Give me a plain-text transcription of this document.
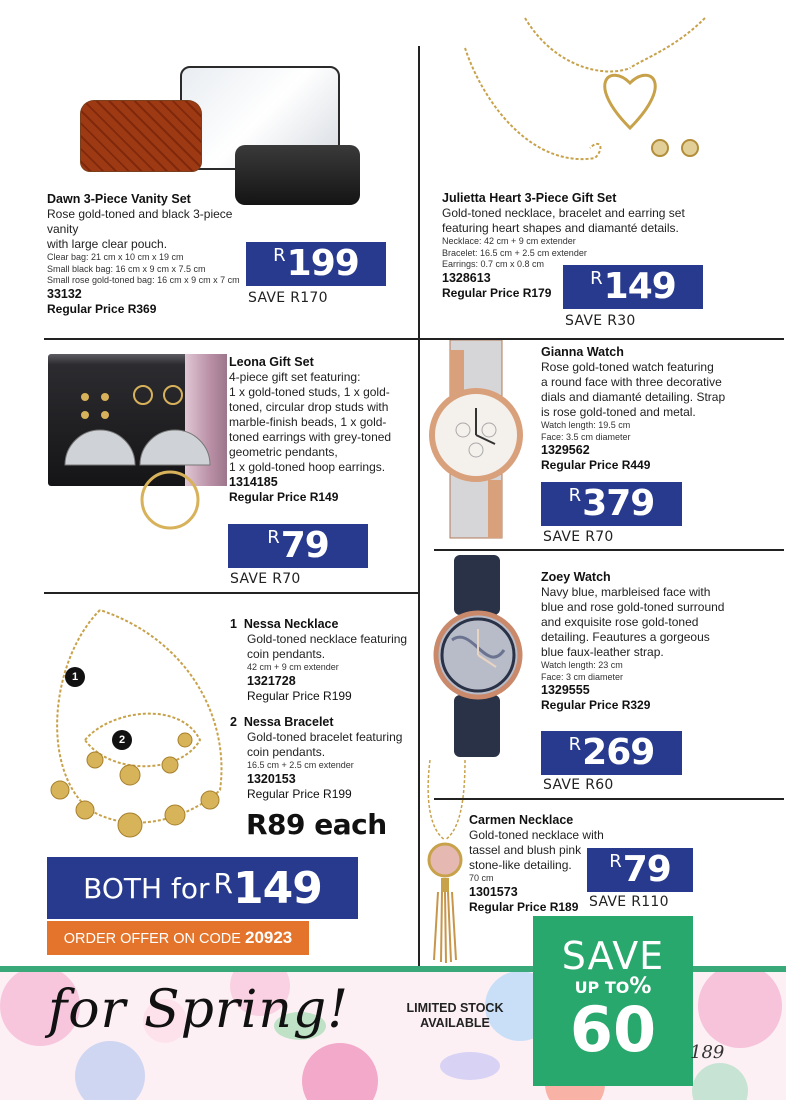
Dawn 3-Piece Vanity Set
Rose gold-toned and black 3-piece vanity
with large clear pouch.
Clear bag: 21 cm x 10 cm x 19 cm
Small black bag: 16 cm x 9 cm x 7.5 cm
Small rose gold-toned bag: 16 cm x 9 cm x 7 cm
33132
Regular Price R369
R 199
SAVE R170
Julietta Heart 3-Piece Gift Set
Gold-toned necklace, bracelet and earring set
featuring heart shapes and diamanté details.
Necklace: 42 cm + 9 cm extender
Bracelet: 16.5 cm + 2.5 cm extender
Earrings: 0.7 cm x 0.8 cm
1328613
Regular Price R179
R 149
SAVE R30
Leona Gift Set
4-piece gift set featuring:
1 x gold-toned studs, 1 x gold-
toned, circular drop studs with
marble-finish beads, 1 x gold-
toned earrings with grey-toned
geometric pendants,
1 x gold-toned hoop earrings.
1314185
Regular Price R149
R 79
SAVE R70
Gianna Watch
Rose gold-toned watch featuring
a round face with three decorative
dials and diamanté detailing. Strap
is rose gold-toned and metal.
Watch length: 19.5 cm
Face: 3.5 cm diameter
1329562
Regular Price R449
R 379
SAVE R70
Zoey Watch
Navy blue, marbleised face with
blue and rose gold-toned surround
and exquisite rose gold-toned
detailing. Feautures a gorgeous
blue faux-leather strap.
Watch length: 23 cm
Face: 3 cm diameter
1329555
Regular Price R329
R 269
SAVE R60
1
2
1 Nessa Necklace
Gold-toned necklace featuring
coin pendants.
42 cm + 9 cm extender
1321728
Regular Price R199
2 Nessa Bracelet
Gold-toned bracelet featuring
coin pendants.
16.5 cm + 2.5 cm extender
1320153
Regular Price R199
R89 each
BOTH for R 149
ORDER OFFER ON CODE 20923
Carmen Necklace
Gold-toned necklace with
tassel and blush pink
stone-like detailing.
70 cm
1301573
Regular Price R189
R 79
SAVE R110
for Spring!	LIMITED STOCK
AVAILABLE
SAVE
UP TO%
60	189
